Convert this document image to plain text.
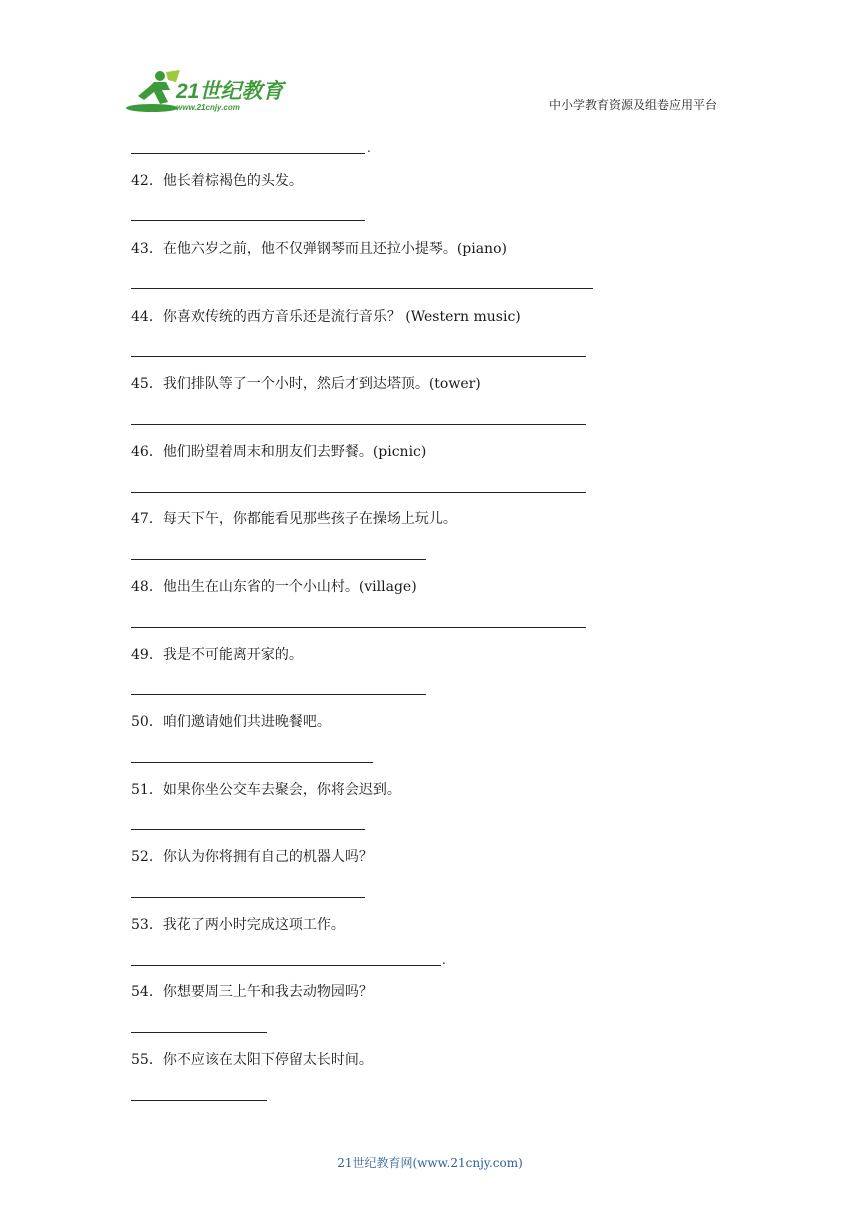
21世纪教育
www.21cnjy.com	中小学教育资源及组卷应用平台
.
42．他长着棕褐色的头发。
43．在他六岁之前，他不仅弹钢琴而且还拉小提琴。(piano)
44．你喜欢传统的西方音乐还是流行音乐？ (Western music)
45．我们排队等了一个小时，然后才到达塔顶。(tower)
46．他们盼望着周末和朋友们去野餐。(picnic)
47．每天下午，你都能看见那些孩子在操场上玩儿。
48．他出生在山东省的一个小山村。(village)
49．我是不可能离开家的。
50．咱们邀请她们共进晚餐吧。
51．如果你坐公交车去聚会，你将会迟到。
52．你认为你将拥有自己的机器人吗？
53．我花了两小时完成这项工作。
.
54．你想要周三上午和我去动物园吗？
55．你不应该在太阳下停留太长时间。
21世纪教育网(www.21cnjy.com)
